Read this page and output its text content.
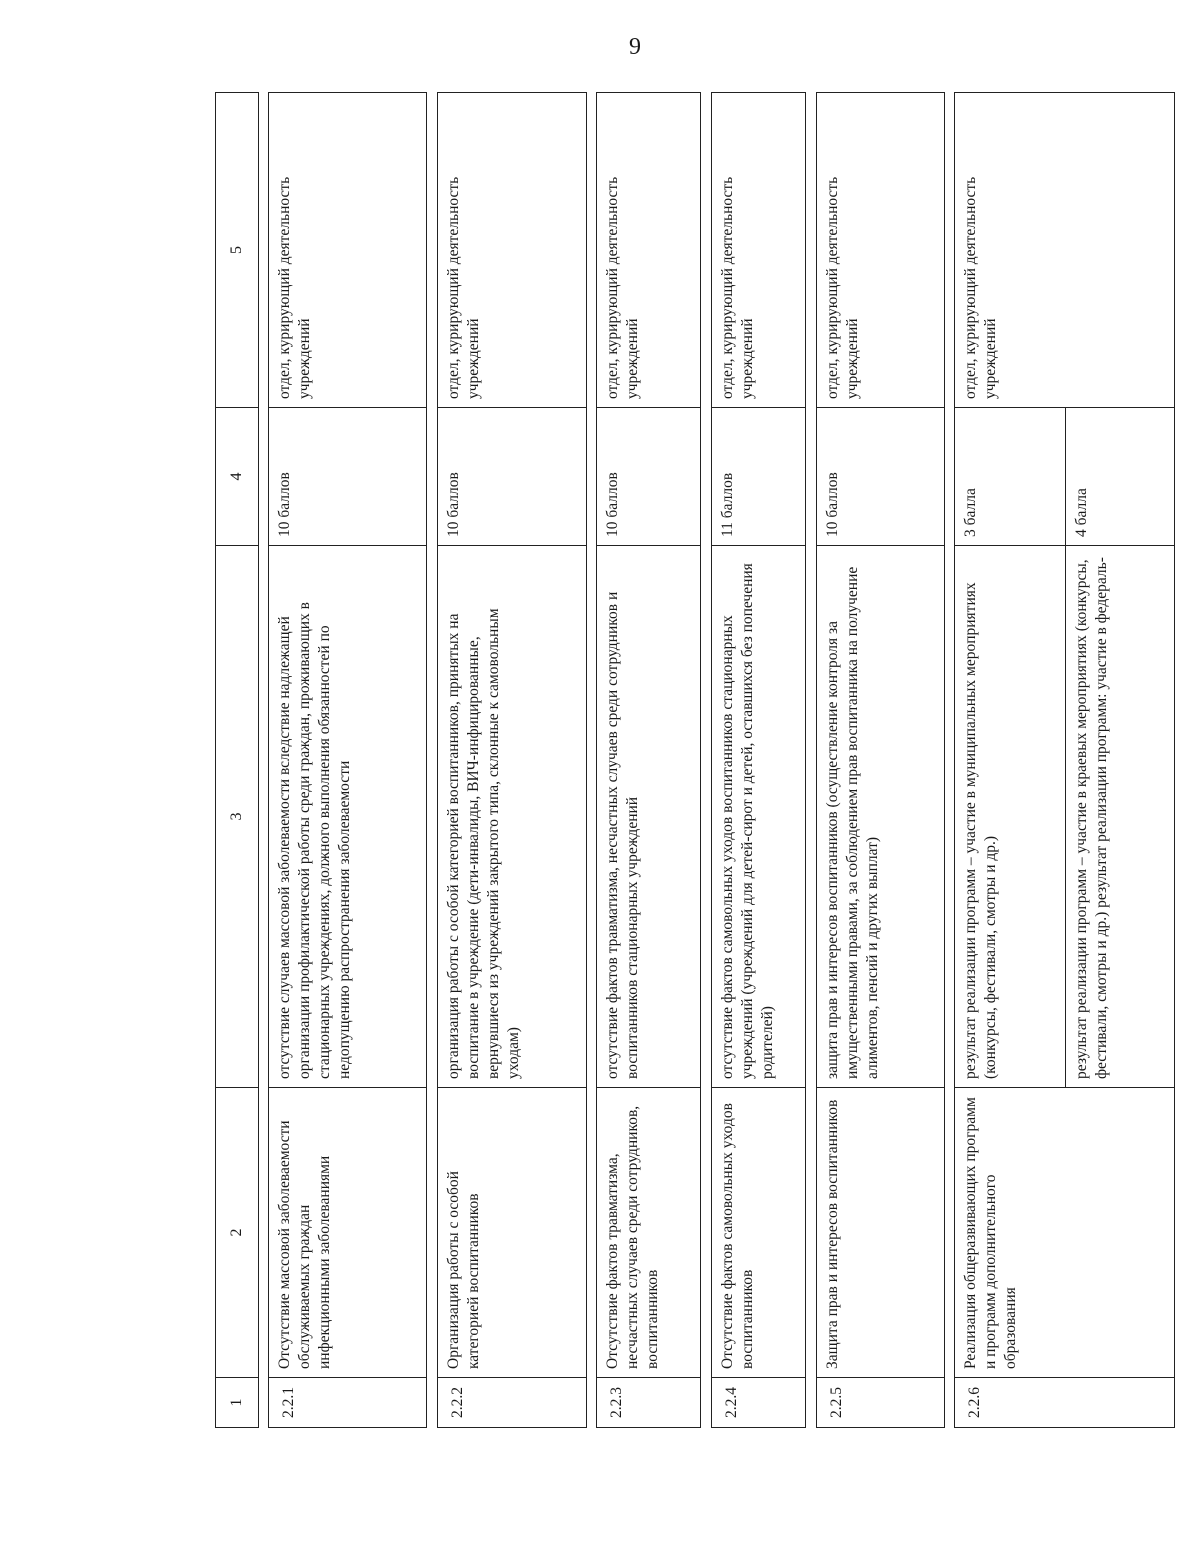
9
1	2	3	4	5

2.2.1	Отсутствие массовой заболеваемости обслуживаемых граждан инфекционными заболеваниями	отсутствие случаев массовой заболеваемости вследствие надлежащей организации профилактической работы среди граждан, проживающих в стационарных учреждениях, должного выполнения обязанностей по недопущению распространения заболеваемости	10 баллов	отдел, курирующий деятельность учреждений

2.2.2	Организация работы с особой категорией воспитанников	организация работы с особой категорией воспитанников, принятых на воспитание в учреждение (дети-инвалиды, ВИЧ-инфицированные, вернувшиеся из учреждений закрытого типа, склонные к самовольным уходам)	10 баллов	отдел, курирующий деятельность учреждений

2.2.3	Отсутствие фактов травматизма, несчастных случаев среди сотрудников, воспитанников	отсутствие фактов травматизма, несчастных случаев среди сотрудников и воспитанников стационарных учреждений	10 баллов	отдел, курирующий деятельность учреждений

2.2.4	Отсутствие фактов самовольных уходов воспитанников	отсутствие фактов самовольных уходов воспитанников стационарных учреждений (учреждений для детей-сирот и детей, оставшихся без попечения родителей)	11 баллов	отдел, курирующий деятельность учреждений

2.2.5	Защита прав и интересов воспитанников	защита прав и интересов воспитанников (осуществление контроля за имущественными правами, за соблюдением прав воспитанника на получение алиментов, пенсий и других выплат)	10 баллов	отдел, курирующий деятельность учреждений

2.2.6	Реализация общеразвивающих программ и программ дополнительного образования	результат реализации программ – участие в муниципальных мероприятиях (конкурсы, фестивали, смотры и др.)	3 балла	отдел, курирующий деятельность учреждений
		результат реализации программ – участие в краевых мероприятиях (конкурсы, фестивали, смотры и др.) результат реализации программ: участие в федераль-	4 балла	
